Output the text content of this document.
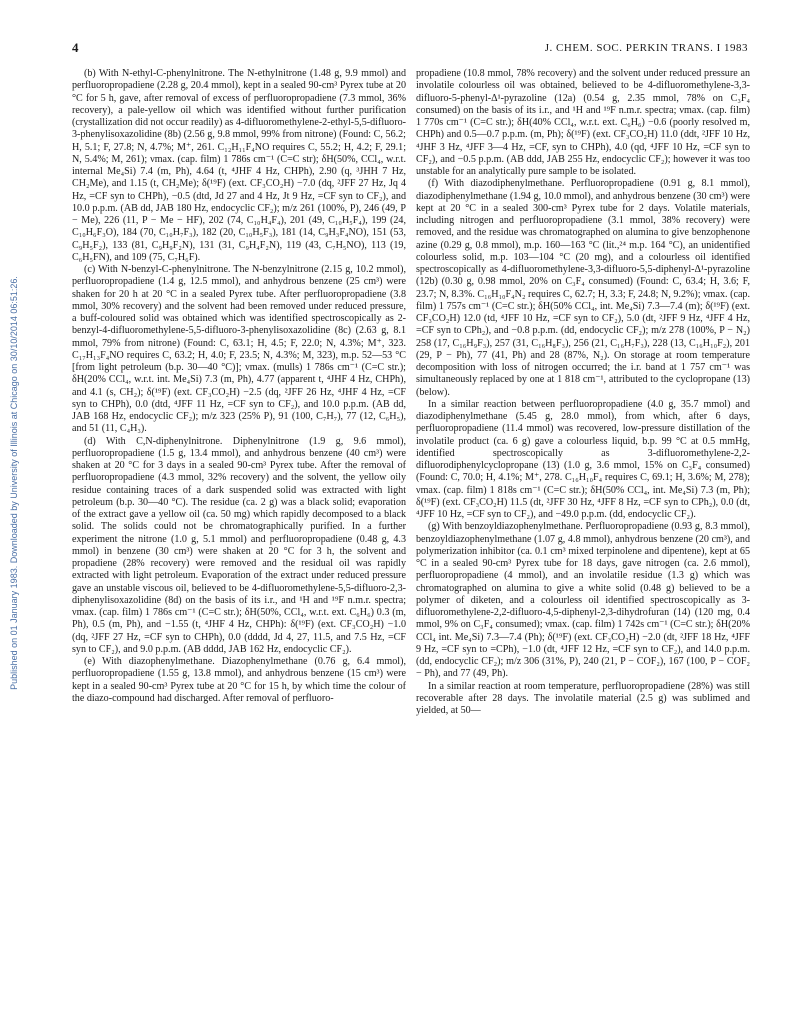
4	J. CHEM. SOC. PERKIN TRANS. I 1983
Published on 01 January 1983. Downloaded by University of Illinois at Chicago on 30/10/2014 06:51:26.

(b) With N-ethyl-C-phenylnitrone. The N-ethylnitrone (1.48 g, 9.9 mmol) and perfluoropropadiene (2.28 g, 20.4 mmol), kept in a sealed 90-cm³ Pyrex tube at 20 °C for 5 h, gave, after removal of excess of perfluoropropadiene (7.3 mmol, 36% recovery), a pale-yellow oil which was identified without further purification (crystallization did not occur readily) as 4-difluoromethylene-2-ethyl-5,5-difluoro-3-phenylisoxazolidine (8b) (2.56 g, 9.8 mmol, 99% from nitrone) (Found: C, 56.2; H, 5.1; F, 27.8; N, 4.7%; M⁺, 261. C₁₂H₁₁F₄NO requires C, 55.2; H, 4.2; F, 29.1; N, 5.4%; M, 261); νmax. (cap. film) 1 786s cm⁻¹ (C=C str); δH(50%, CCl₄, w.r.t. internal Me₄Si) 7.4 (m, Ph), 4.64 (t, ⁴JHF 4 Hz, CHPh), 2.90 (q, ³JHH 7 Hz, CH₂Me), and 1.15 (t, CH₂Me); δ(¹⁹F) (ext. CF₃CO₂H) −7.0 (dq, ²JFF 27 Hz, Jq 4 Hz, =CF syn to CHPh), −0.5 (dtd, Jd 27 and 4 Hz, Jt 9 Hz, =CF syn to CF₂), and 10.0 p.p.m. (AB dd, JAB 180 Hz, endocyclic CF₂); m/z 261 (100%, P), 246 (49, P − Me), 226 (11, P − Me − HF), 202 (74, C₁₀H₄F₄), 201 (49, C₁₀H₅F₄), 199 (24, C₁₀H₆F₃O), 184 (70, C₁₀H₇F₃), 182 (20, C₁₀H₅F₃), 181 (14, C₉H₃F₄NO), 151 (53, C₉H₅F₂), 133 (81, C₉H₉F₂N), 131 (31, C₉H₄F₂N), 119 (43, C₇H₅NO), 113 (19, C₆H₅FN), and 109 (75, C₇H₆F).

(c) With N-benzyl-C-phenylnitrone. The N-benzylnitrone (2.15 g, 10.2 mmol), perfluoropropadiene (1.4 g, 12.5 mmol), and anhydrous benzene (25 cm³) were shaken for 20 h at 20 °C in a sealed Pyrex tube. After perfluoropropadiene (3.8 mmol, 30% recovery) and the solvent had been removed under reduced pressure, a buff-coloured solid was obtained which was identified spectroscopically as 2-benzyl-4-difluoromethylene-5,5-difluoro-3-phenylisoxazolidine (8c) (2.63 g, 8.1 mmol, 79% from nitrone) (Found: C, 63.1; H, 4.5; F, 22.0; N, 4.3%; M⁺, 323. C₁₇H₁₃F₄NO requires C, 63.2; H, 4.0; F, 23.5; N, 4.3%; M, 323), m.p. 52—53 °C [from light petroleum (b.p. 30—40 °C)]; νmax. (mulls) 1 786s cm⁻¹ (C=C str.); δH(20% CCl₄, w.r.t. int. Me₄Si) 7.3 (m, Ph), 4.77 (apparent t, ⁴JHF 4 Hz, CHPh), and 4.1 (s, CH₂); δ(¹⁹F) (ext. CF₃CO₂H) −2.5 (dq, ²JFF 26 Hz, ⁴JHF 4 Hz, =CF syn to CHPh), 0.0 (dtd, ⁴JFF 11 Hz, =CF syn to CF₂), and 10.0 p.p.m. (AB dd, JAB 168 Hz, endocyclic CF₂); m/z 323 (25% P), 91 (100, C₇H₇), 77 (12, C₆H₅), and 51 (11, C₄H₃).

(d) With C,N-diphenylnitrone. Diphenylnitrone (1.9 g, 9.6 mmol), perfluoropropadiene (1.5 g, 13.4 mmol), and anhydrous benzene (40 cm³) were shaken at 20 °C for 3 days in a sealed 90-cm³ Pyrex tube. After the removal of perfluoropropadiene (4.3 mmol, 32% recovery) and the solvent, the yellow oily residue containing traces of a dark suspended solid was extracted with light petroleum (b.p. 30—40 °C). The residue (ca. 2 g) was a black solid; evaporation of the extract gave a yellow oil (ca. 50 mg) which rapidly decomposed to a black solid. The solids could not be chromatographically purified. In a further experiment the nitrone (1.0 g, 5.1 mmol) and perfluoropropadiene (0.48 g, 4.3 mmol) in benzene (30 cm³) were shaken at 20 °C for 3 h, the solvent and propadiene (28% recovery) were removed and the residual oil was rapidly extracted with light petroleum. Evaporation of the extract under reduced pressure gave an unstable viscous oil, believed to be 4-difluoromethylene-5,5-difluoro-2,3-diphenylisoxazolidine (8d) on the basis of its i.r., and ¹H and ¹⁹F n.m.r. spectra; νmax. (cap. film) 1 786s cm⁻¹ (C=C str.); δH(50%, CCl₄, w.r.t. ext. C₆H₆) 0.3 (m, Ph), 0.5 (m, Ph), and −1.55 (t, ⁴JHF 4 Hz, CHPh): δ(¹⁹F) (ext. CF₃CO₂H) −1.0 (dq, ²JFF 27 Hz, =CF syn to CHPh), 0.0 (dddd, Jd 4, 27, 11.5, and 7.5 Hz, =CF syn to CF₂), and 9.0 p.p.m. (AB dddd, JAB 162 Hz, endocyclic CF₂).

(e) With diazophenylmethane. Diazophenylmethane (0.76 g, 6.4 mmol), perfluoropropadiene (1.55 g, 13.8 mmol), and anhydrous benzene (15 cm³) were kept in a sealed 90-cm³ Pyrex tube at 20 °C for 15 h, by which time the colour of the diazo-compound had discharged. After removal of perfluoro-

propadiene (10.8 mmol, 78% recovery) and the solvent under reduced pressure an involatile colourless oil was obtained, believed to be 4-difluoromethylene-3,3-difluoro-5-phenyl-Δ¹-pyrazoline (12a) (0.54 g, 2.35 mmol, 78% on C₃F₄ consumed) on the basis of its i.r., and ¹H and ¹⁹F n.m.r. spectra; νmax. (cap. film) 1 770s cm⁻¹ (C=C str.); δH(40% CCl₄, w.r.t. ext. C₆H₆) −0.6 (poorly resolved m, CHPh) and 0.5—0.7 p.p.m. (m, Ph); δ(¹⁹F) (ext. CF₃CO₂H) 11.0 (ddt, ²JFF 10 Hz, ⁴JHF 3 Hz, ⁴JFF 3—4 Hz, =CF, syn to CHPh), 4.0 (qd, ⁴JFF 10 Hz, =CF syn to CF₂), and −0.5 p.p.m. (AB ddd, JAB 255 Hz, endocyclic CF₂); however it was too unstable for an analytically pure sample to be isolated.

(f) With diazodiphenylmethane. Perfluoropropadiene (0.91 g, 8.1 mmol), diazodiphenylmethane (1.94 g, 10.0 mmol), and anhydrous benzene (30 cm³) were kept at 20 °C in a sealed 300-cm³ Pyrex tube for 2 days. Volatile materials, including nitrogen and perfluoropropadiene (3.1 mmol, 38% recovery) were removed, and the residue was chromatographed on alumina to give benzophenone azine (0.29 g, 0.8 mmol), m.p. 160—163 °C (lit.,²⁴ m.p. 164 °C), an unidentified colourless solid, m.p. 103—104 °C (20 mg), and a colourless oil identified spectroscopically as 4-difluoromethylene-3,3-difluoro-5,5-diphenyl-Δ¹-pyrazoline (12b) (0.30 g, 0.98 mmol, 20% on C₃F₄ consumed) (Found: C, 63.4; H, 3.6; F, 23.7; N, 8.3%. C₁₆H₁₀F₄N₂ requires C, 62.7; H, 3.3; F, 24.8; N, 9.2%); νmax. (cap. film) 1 757s cm⁻¹ (C=C str.); δH(50% CCl₄, int. Me₄Si) 7.3—7.4 (m); δ(¹⁹F) (ext. CF₃CO₂H) 12.0 (td, ⁴JFF 10 Hz, =CF syn to CF₂), 5.0 (dt, ²JFF 9 Hz, ⁴JFF 4 Hz, =CF syn to CPh₂), and −0.8 p.p.m. (dd, endocyclic CF₂); m/z 278 (100%, P − N₂) 258 (17, C₁₆H₉F₃), 257 (31, C₁₆H₈F₃), 256 (21, C₁₆H₇F₃), 228 (13, C₁₆H₁₀F₂), 201 (29, P − Ph), 77 (41, Ph) and 28 (87%, N₂). On storage at room temperature decomposition with loss of nitrogen occurred; the i.r. band at 1 757 cm⁻¹ was simultaneously replaced by one at 1 818 cm⁻¹, attributed to the cyclopropane (13) (below).

In a similar reaction between perfluoropropadiene (4.0 g, 35.7 mmol) and diazodiphenylmethane (5.45 g, 28.0 mmol), from which, after 6 days, perfluoropropadiene (11.4 mmol) was recovered, low-pressure distillation of the involatile product (ca. 6 g) gave a colourless liquid, b.p. 99 °C at 0.5 mmHg, identified spectroscopically as 3-difluoromethylene-2,2-difluorodiphenylcyclopropane (13) (1.0 g, 3.6 mmol, 15% on C₃F₄ consumed) (Found: C, 70.0; H, 4.1%; M⁺, 278. C₁₆H₁₀F₄ requires C, 69.1; H, 3.6%; M, 278); νmax. (cap. film) 1 818s cm⁻¹ (C=C str.); δH(50% CCl₄, int. Me₄Si) 7.3 (m, Ph); δ(¹⁹F) (ext. CF₃CO₂H) 11.5 (dt, ²JFF 30 Hz, ⁴JFF 8 Hz, =CF syn to CPh₂), 0.0 (dt, ⁴JFF 10 Hz, =CF syn to CF₂), and −49.0 p.p.m. (dd, endocyclic CF₂).

(g) With benzoyldiazophenylmethane. Perfluoropropadiene (0.93 g, 8.3 mmol), benzoyldiazophenylmethane (1.07 g, 4.8 mmol), anhydrous benzene (20 cm³), and polymerization inhibitor (ca. 0.1 cm³ mixed terpinolene and dipentene), kept at 65 °C in a sealed 90-cm³ Pyrex tube for 18 days, gave nitrogen (ca. 2.6 mmol), perfluoropropadiene (4 mmol), and an involatile residue (1.3 g) which was chromatographed on alumina to give a white solid (0.48 g) believed to be a polymer of diketen, and a colourless oil identified spectroscopically as 3-difluoromethylene-2,2-difluoro-4,5-diphenyl-2,3-dihydrofuran (14) (120 mg, 0.4 mmol, 9% on C₃F₄ consumed); νmax. (cap. film) 1 742s cm⁻¹ (C=C str.); δH(20% CCl₄ int. Me₄Si) 7.3—7.4 (Ph); δ(¹⁹F) (ext. CF₃CO₂H) −2.0 (dt, ²JFF 18 Hz, ⁴JFF 9 Hz, =CF syn to =CPh), −1.0 (dt, ⁴JFF 12 Hz, =CF syn to CF₂), and 14.0 p.p.m. (dd, endocyclic CF₂); m/z 306 (31%, P), 240 (21, P − COF₂), 167 (100, P − COF₂ − Ph), and 77 (49, Ph).

In a similar reaction at room temperature, perfluoropropadiene (28%) was still recoverable after 28 days. The involatile material (2.5 g) was sublimed and yielded, at 50—
